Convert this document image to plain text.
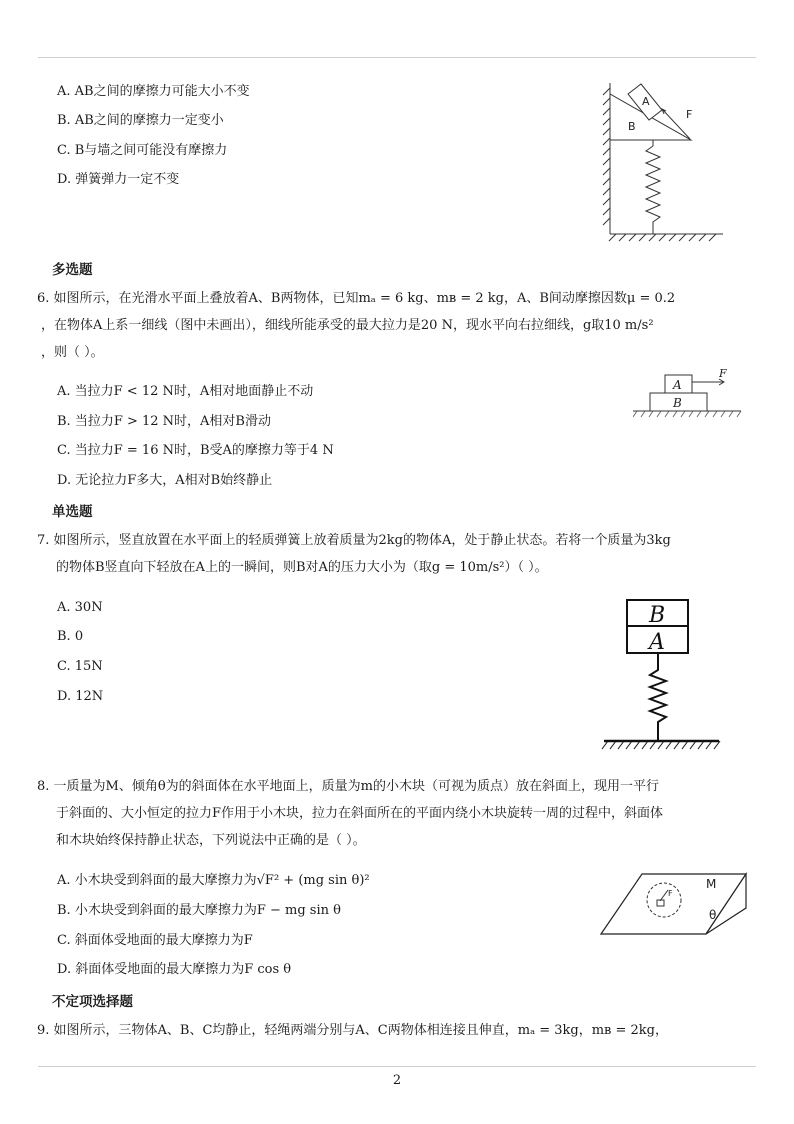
A. AB之间的摩擦力可能大小不变
B. AB之间的摩擦力一定变小
C. B与墙之间可能没有摩擦力
D. 弹簧弹力一定不变
A
B
F
多选题
6. 如图所示，在光滑水平面上叠放着A、B两物体，已知mₐ = 6 kg、mʙ = 2 kg，A、B间动摩擦因数μ = 0.2
，在物体A上系一细线（图中未画出），细线所能承受的最大拉力是20 N，现水平向右拉细线，g取10 m/s²
，则（ ）。
A. 当拉力F < 12 N时，A相对地面静止不动
B. 当拉力F > 12 N时，A相对B滑动
C. 当拉力F = 16 N时，B受A的摩擦力等于4 N
D. 无论拉力F多大，A相对B始终静止
A
B
F
单选题
7. 如图所示，竖直放置在水平面上的轻质弹簧上放着质量为2kg的物体A，处于静止状态。若将一个质量为3kg
的物体B竖直向下轻放在A上的一瞬间，则B对A的压力大小为（取g = 10m/s²）（ ）。
A. 30N
B. 0
C. 15N
D. 12N
B
A
8. 一质量为M、倾角θ为的斜面体在水平地面上，质量为m的小木块（可视为质点）放在斜面上，现用一平行
于斜面的、大小恒定的拉力F作用于小木块，拉力在斜面所在的平面内绕小木块旋转一周的过程中，斜面体
和木块始终保持静止状态，下列说法中正确的是（ ）。
A. 小木块受到斜面的最大摩擦力为√F² + (mg sin θ)²
B. 小木块受到斜面的最大摩擦力为F − mg sin θ
C. 斜面体受地面的最大摩擦力为F
D. 斜面体受地面的最大摩擦力为F cos θ
F
M
θ
不定项选择题
9. 如图所示，三物体A、B、C均静止，轻绳两端分别与A、C两物体相连接且伸直，mₐ = 3kg，mʙ = 2kg，
2
